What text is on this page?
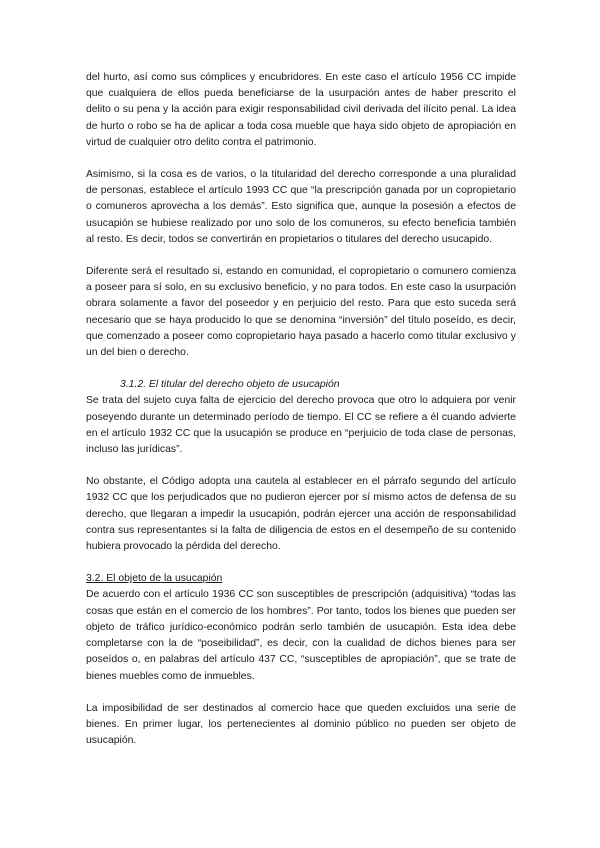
del hurto, así como sus cómplices y encubridores. En este caso el artículo 1956 CC impide que cualquiera de ellos pueda beneficiarse de la usurpación antes de haber prescrito el delito o su pena y la acción para exigir responsabilidad civil derivada del ilícito penal. La idea de hurto o robo se ha de aplicar a toda cosa mueble que haya sido objeto de apropiación en virtud de cualquier otro delito contra el patrimonio.

Asimismo, si la cosa es de varios, o la titularidad del derecho corresponde a una pluralidad de personas, establece el artículo 1993 CC que “la prescripción ganada por un copropietario o comuneros aprovecha a los demás”. Esto significa que, aunque la posesión a efectos de usucapión se hubiese realizado por uno solo de los comuneros, su efecto beneficia también al resto. Es decir, todos se convertirán en propietarios o titulares del derecho usucapido.

Diferente será el resultado si, estando en comunidad, el copropietario o comunero comienza a poseer para sí solo, en su exclusivo beneficio, y no para todos. En este caso la usurpación obrara solamente a favor del poseedor y en perjuicio del resto. Para que esto suceda será necesario que se haya producido lo que se denomina “inversión” del título poseído, es decir, que comenzado a poseer como copropietario haya pasado a hacerlo como titular exclusivo y un del bien o derecho.

3.1.2. El titular del derecho objeto de usucapión

Se trata del sujeto cuya falta de ejercicio del derecho provoca que otro lo adquiera por venir poseyendo durante un determinado período de tiempo. El CC se refiere a él cuando advierte en el artículo 1932 CC que la usucapión se produce en “perjuicio de toda clase de personas, incluso las jurídicas”.

No obstante, el Código adopta una cautela al establecer en el párrafo segundo del artículo 1932 CC que los perjudicados que no pudieron ejercer por sí mismo actos de defensa de su derecho, que llegaran a impedir la usucapión, podrán ejercer una acción de responsabilidad contra sus representantes si la falta de diligencia de estos en el desempeño de su contenido hubiera provocado la pérdida del derecho.

3.2. El objeto de la usucapión

De acuerdo con el artículo 1936 CC son susceptibles de prescripción (adquisitiva) “todas las cosas que están en el comercio de los hombres”. Por tanto, todos los bienes que pueden ser objeto de tráfico jurídico-económico podrán serlo también de usucapión. Esta idea debe completarse con la de “poseibilidad”, es decir, con la cualidad de dichos bienes para ser poseídos o, en palabras del artículo 437 CC, “susceptibles de apropiación”, que se trate de bienes muebles como de inmuebles.

La imposibilidad de ser destinados al comercio hace que queden excluidos una serie de bienes. En primer lugar, los pertenecientes al dominio público no pueden ser objeto de usucapión.
